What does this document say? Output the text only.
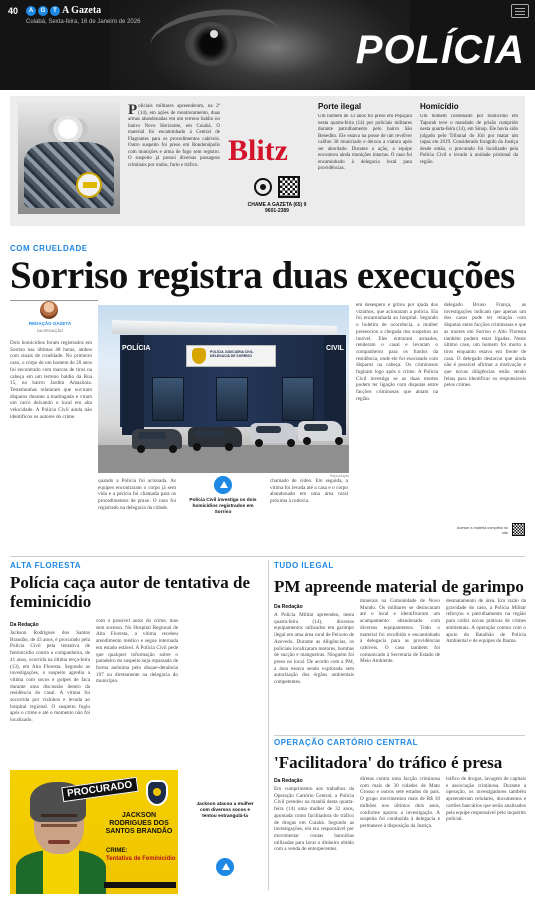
40	A	G	T A Gazeta
Cuiabá, Sexta-feira, 16 de Janeiro de 2026
POLÍCIA
Policiais militares apreenderam, na 2ª (14), em ações de monitoramento, duas armas abandonadas em um terreno baldio no bairro Novo Horizonte, em Cuiabá. O material foi encaminhado à Central de Flagrantes para os procedimentos cabíveis. Outro suspeito foi preso em Rondonópolis com munições e arma de fogo sem registro. O suspeito já possui diversas passagens criminais por roubo, furto e tráfico. Blitz
CHAME A GAZETA (65) 9 9601-2389
Porte ilegal
Um homem de 33 anos foi preso em Pejuçara nesta quarta-feira (14) por policiais militares durante patrulhamento pelo bairro São Benedito. Ele estava na posse de um revólver calibre 38 municiado e deixou a viatura após ser abordado. Durante a ação, a equipe encontrou ainda munições intactas. O caso foi encaminhado à delegacia local para providências.
Homicídio
Um homem condenado por homicídio em Tapurah teve o mandado de prisão cumprido nesta quarta-feira (14), em Sinop. Ele havia sido julgado pelo Tribunal do Júri por matar um rapaz em 2019. Considerado foragido da Justiça desde então, o procurado foi localizado pela Polícia Civil e levado à unidade prisional da região.
COM CRUELDADE
Sorriso registra duas execuções
REDAÇÃO GAZETA
DA REDAÇÃO
Dois homicídios foram registrados em Sorriso nas últimas 48 horas, ambos com sinais de crueldade. No primeiro caso, o corpo de um homem de 28 anos foi encontrado com marcas de tiros na cabeça em um terreno baldio da Rua 15, no bairro Jardim Amazônia. Testemunhas relataram que ouviram disparos durante a madrugada e viram um carro deixando o local em alta velocidade. A Polícia Civil ainda não identificou os autores do crime.
POLÍCIA	CIVIL
POLÍCIA JUDICIÁRIA CIVIL DELEGACIA DE SORRISO
Reprodução
quando a Polícia foi acionada. As equipes encontraram o corpo já sem vida e a perícia foi chamada para os procedimentos de praxe. O caso foi registrado na delegacia da cidade.
Polícia Civil investiga os dois homicídios registrados em Sorriso
chamado de vídeo. Em seguida, a vítima foi levada até a casa e o corpo abandonado em uma área rural próxima à rodovia.
em desespero e gritou por ajuda dos vizinhos, que acionaram a polícia. Ela foi encaminhada ao hospital. Segundo o boletim de ocorrência, a mulher presenciou a chegada dos suspeitos ao imóvel. Eles entraram armados, renderam o casal e levaram o companheiro para os fundos da residência, onde ele foi executado com disparos na cabeça. Os criminosos fugiram logo após o crime. A Polícia Civil investiga se as duas mortes podem ter ligação com disputas entre facções criminosas que atuam na região.
delegado Bruno França, as investigações indicam que apenas um dos casos pode ter relação com disputas entre facções criminosas e que as mortes em Sorriso e Alto Floresta também podem estar ligadas. Neste último caso, um homem foi morto a tiros enquanto estava em frente de casa. O delegado destacou que ainda não é possível afirmar a motivação e que novas diligências estão sendo feitas para identificar os responsáveis pelos crimes.
Acesse a matéria completa no site
ALTA FLORESTA
Polícia caça autor de tentativa de feminicídio
Da Redação
Jackson Rodrigues dos Santos Brandão, de 43 anos, é procurado pela Polícia Civil pela tentativa de feminicídio contra a companheira, de 41 anos, ocorrida na última terça-feira (13), em Alta Floresta. Segundo as investigações, o suspeito agrediu a vítima com socos e golpes de faca durante uma discussão dentro da residência do casal. A vítima foi socorrida por vizinhos e levada ao hospital regional. O suspeito fugiu após o crime e até o momento não foi localizado.
com o possível autor do crime, mas sem sucesso. No Hospital Regional de Alta Floresta, a vítima recebeu atendimento médico e segue internada em estado estável. A Polícia Civil pede que qualquer informação sobre o paradeiro do suspeito seja repassada de forma anônima pelo disque-denúncia 197 ou diretamente na delegacia do município.
PROCURADO
JACKSON RODRIGUES DOS SANTOS BRANDÃO
CRIME:
Tentativa de Feminicídio
Jackson atacou a mulher com diversos socos e tentou estrangulá-la
TUDO ILEGAL
PM apreende material de garimpo
Da Redação
A Polícia Militar apreendeu, nesta quarta-feira (14), diversos equipamentos utilizados em garimpo ilegal em uma área rural de Peixoto de Azevedo. Durante as diligências, os policiais localizaram motores, bombas de sucção e mangueiras. Ninguém foi preso no local. De acordo com a PM, a área estava sendo explorada sem autorização dos órgãos ambientais competentes.
minerais na Comunidade de Novo Mundo. Os militares se deslocaram até o local e identificaram um acampamento abandonado com diversos equipamentos. Todo o material foi recolhido e encaminhado à delegacia para as providências cabíveis. O caso também foi comunicado à Secretaria de Estado de Meio Ambiente.
desmatamento de área. Em razão da gravidade do caso, a Polícia Militar reforçou o patrulhamento na região para coibir novas práticas de crimes ambientais. A operação contou com o apoio do Batalhão de Polícia Ambiental e de equipes do Ibama.
OPERAÇÃO CARTÓRIO CENTRAL
'Facilitadora' do tráfico é presa
Da Redação
Em cumprimento aos trabalhos da Operação Cartório Central, a Polícia Civil prendeu na manhã desta quarta-feira (14) uma mulher de 32 anos, apontada como facilitadora do tráfico de drogas em Cuiabá. Segundo as investigações, ela era responsável por movimentar contas bancárias utilizadas para lavar o dinheiro obtido com a venda de entorpecentes.
diretas contra uma facção criminosa com mais de 30 cidades de Mato Grosso e outros sete estados do país. O grupo movimentou mais de R$ 10 milhões nos últimos dois anos, conforme apurou a investigação. A suspeita foi conduzida à delegacia e permanece à disposição da Justiça.
tráfico de drogas, lavagem de capitais e associação criminosa. Durante a operação, os investigadores também apreenderam celulares, documentos e cartões bancários que serão analisados pela equipe responsável pelo inquérito policial.
